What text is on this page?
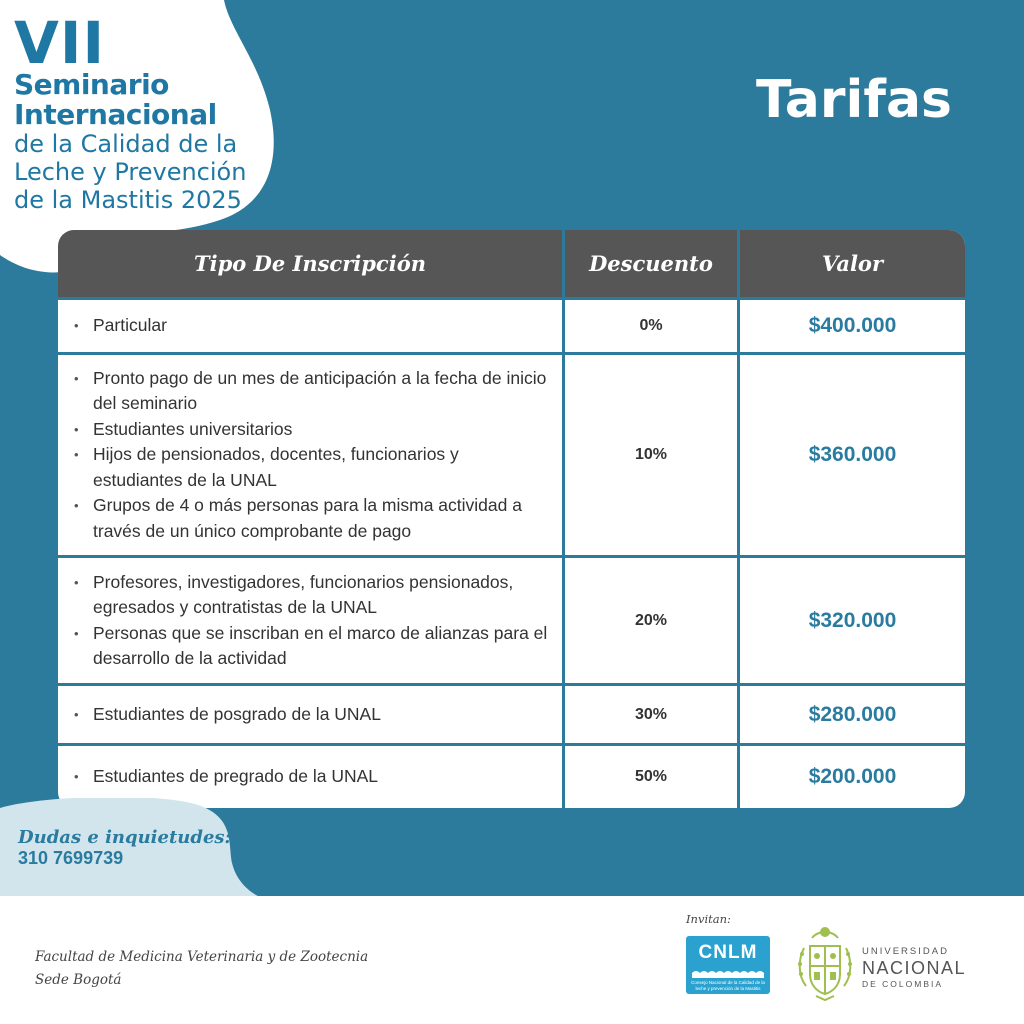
VII
Seminario
Internacional
de la Calidad de la
Leche y Prevención
de la Mastitis 2025
Tarifas
Tipo De Inscripción	Descuento	Valor
• Particular	0%	$400.000
• Pronto pago de un mes de anticipación a la fecha de inicio del seminario
• Estudiantes universitarios
• Hijos de pensionados, docentes, funcionarios y estudiantes de la UNAL
• Grupos de 4 o más personas para la misma actividad a través de un único comprobante de pago
10%	$360.000
• Profesores, investigadores, funcionarios pensionados, egresados y contratistas de la UNAL
• Personas que se inscriban en el marco de alianzas para el desarrollo de la actividad
20%	$320.000
• Estudiantes de posgrado de la UNAL	30%	$280.000
• Estudiantes de pregrado de la UNAL	50%	$200.000
Dudas e inquietudes:
310 7699739
Facultad de Medicina Veterinaria y de Zootecnia
Sede Bogotá
Invitan:
CNLM
Consejo Nacional de la Calidad de la
leche y prevención de la Mastitis
UNIVERSIDAD
NACIONAL
DE COLOMBIA
